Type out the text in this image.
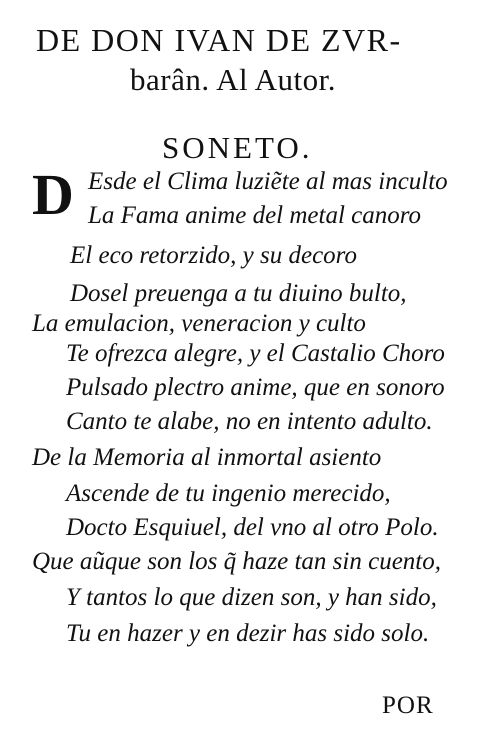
DE DON IVAN DE ZVR-
barân. Al Autor.
SONETO.
D Esde el Clima luziẽte al mas inculto
La Fama anime del metal canoro
El eco retorzido, y su decoro
Dosel preuenga a tu diuino bulto,
La emulacion, veneracion y culto
Te ofrezca alegre, y el Castalio Choro
Pulsado plectro anime, que en sonoro
Canto te alabe, no en intento adulto.
De la Memoria al inmortal asiento
Ascende de tu ingenio merecido,
Docto Esquiuel, del vno al otro Polo.
Que aũque son los q̃ haze tan sin cuento,
Y tantos lo que dizen son, y han sido,
Tu en hazer y en dezir has sido solo.
POR
